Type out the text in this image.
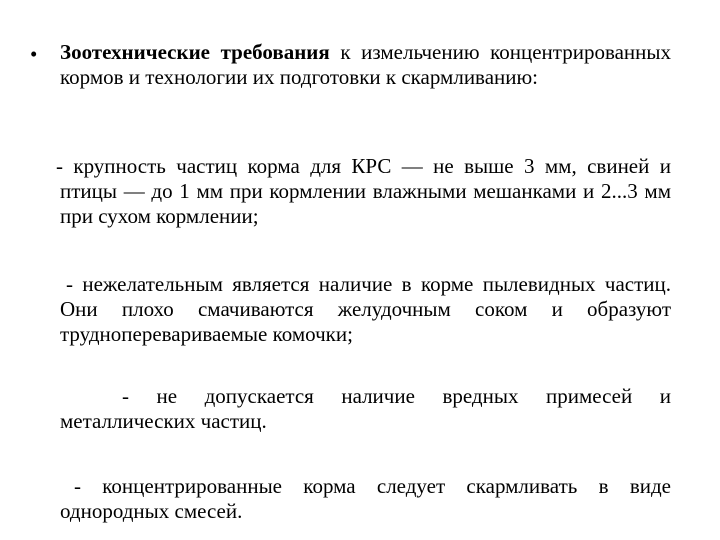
• Зоотехнические требования к измельчению концентрированных кормов и технологии их подготовки к скармливанию:
- крупность частиц корма для КРС — не выше 3 мм, свиней и птицы — до 1 мм при кормлении влажными мешанками и 2...3 мм при сухом кормлении;
- нежелательным является наличие в корме пылевидных частиц. Они плохо смачиваются желудочным соком и образуют трудноперевариваемые комочки;
- не допускается наличие вредных примесей и металлических частиц.
- концентрированные корма следует скармливать в виде однородных смесей.
